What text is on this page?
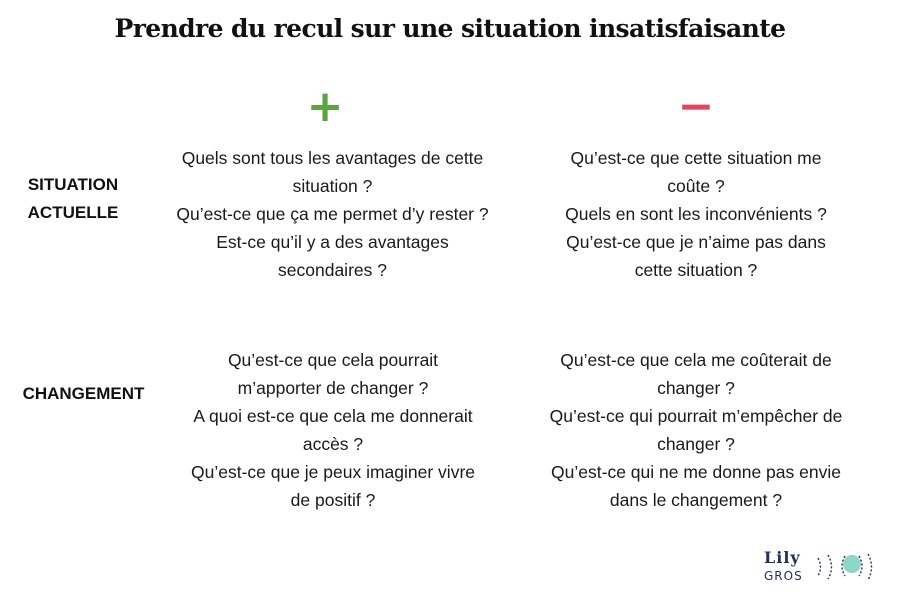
Prendre du recul sur une situation insatisfaisante
+	−
SITUATION
ACTUELLE

Quels sont tous les avantages de cette

situation ?

Qu’est-ce que ça me permet d’y rester ?

Est-ce qu’il y a des avantages

secondaires ?

Qu’est-ce que cette situation me

coûte ?

Quels en sont les inconvénients ?

Qu’est-ce que je n’aime pas dans

cette situation ?

CHANGEMENT

Qu’est-ce que cela pourrait

m’apporter de changer ?

A quoi est-ce que cela me donnerait

accès ?

Qu’est-ce que je peux imaginer vivre

de positif ?

Qu’est-ce que cela me coûterait de

changer ?

Qu’est-ce qui pourrait m’empêcher de

changer ?

Qu’est-ce qui ne me donne pas envie

dans le changement ?

Lily
GROS
